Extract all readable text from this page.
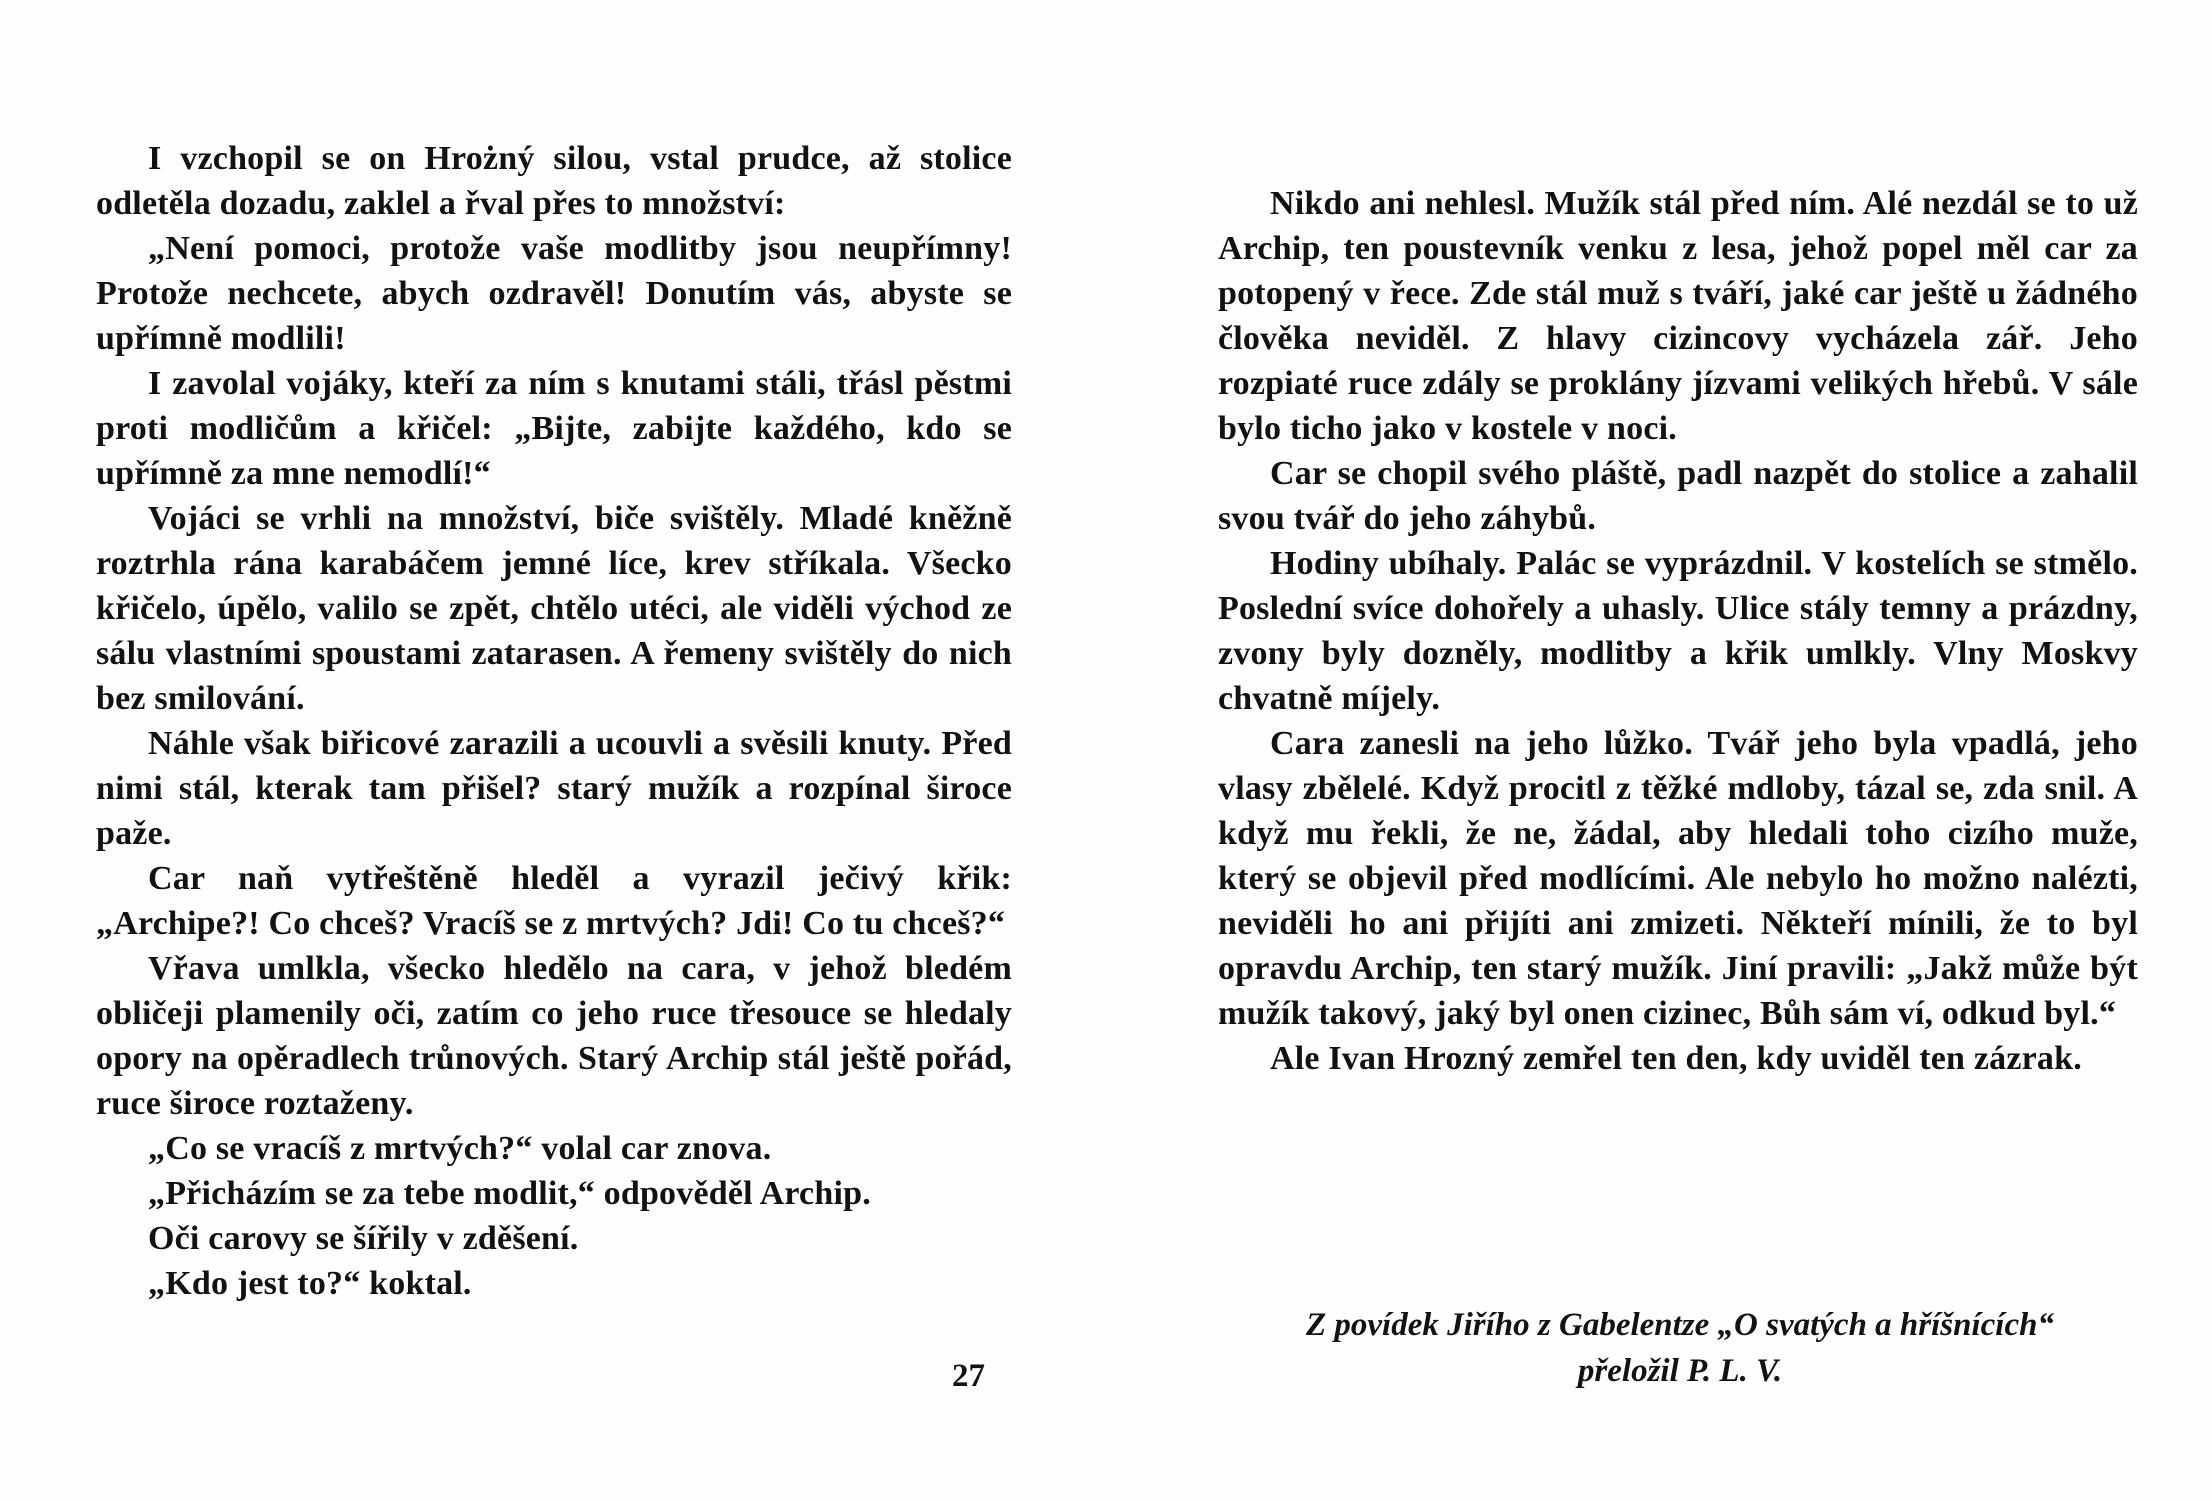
I vzchopil se on Hrożný silou, vstal prudce, až stolice odletěla dozadu, zaklel a řval přes to množství:

„Není pomoci, protože vaše modlitby jsou neupřímny! Protože nechcete, abych ozdravěl! Donutím vás, abyste se upřímně modlili!

I zavolal vojáky, kteří za ním s knutami stáli, třásl pěstmi proti modličům a křičel: „Bijte, zabijte každého, kdo se upřímně za mne nemodlí!“

Vojáci se vrhli na množství, biče svištěly. Mladé kněžně roztrhla rána karabáčem jemné líce, krev stříkala. Všecko křičelo, úpělo, valilo se zpět, chtělo utéci, ale viděli východ ze sálu vlastními spoustami zatarasen. A řemeny svištěly do nich bez smilování.

Náhle však biřicové zarazili a ucouvli a svěsili knuty. Před nimi stál, kterak tam přišel? starý mužík a rozpínal široce paže.

Car naň vytřeštěně hleděl a vyrazil ječivý křik: „Archipe?! Co chceš? Vracíš se z mrtvých? Jdi! Co tu chceš?“

Vřava umlkla, všecko hledělo na cara, v jehož bledém obličeji plamenily oči, zatím co jeho ruce třesouce se hledaly opory na opěradlech trůnových. Starý Archip stál ještě pořád, ruce široce roztaženy.

„Co se vracíš z mrtvých?“ volal car znova.

„Přicházím se za tebe modlit,“ odpověděl Archip.

Oči carovy se šířily v zděšení.

„Kdo jest to?“ koktal.

27

Nikdo ani nehlesl. Mužík stál před ním. Alé nezdál se to už Archip, ten poustevník venku z lesa, jehož popel měl car za potopený v řece. Zde stál muž s tváří, jaké car ještě u žádného člověka neviděl. Z hlavy cizincovy vycházela zář. Jeho rozpiaté ruce zdály se proklány jízvami velikých hřebů. V sále bylo ticho jako v kostele v noci.

Car se chopil svého pláště, padl nazpět do stolice a zahalil svou tvář do jeho záhybů.

Hodiny ubíhaly. Palác se vyprázdnil. V kostelích se stmělo. Poslední svíce dohořely a uhasly. Ulice stály temny a prázdny, zvony byly dozněly, modlitby a křik umlkly. Vlny Moskvy chvatně míjely.

Cara zanesli na jeho lůžko. Tvář jeho byla vpadlá, jeho vlasy zbělelé. Když procitl z těžké mdloby, tázal se, zda snil. A když mu řekli, že ne, žádal, aby hledali toho cizího muže, který se objevil před modlícími. Ale nebylo ho možno nalézti, neviděli ho ani přijíti ani zmizeti. Někteří mínili, že to byl opravdu Archip, ten starý mužík. Jiní pravili: „Jakž může být mužík takový, jaký byl onen cizinec, Bůh sám ví, odkud byl.“

Ale Ivan Hrozný zemřel ten den, kdy uviděl ten zázrak.

Z povídek Jiřího z Gabelentze „O svatých a hříšnících“
přeložil P. L. V.
